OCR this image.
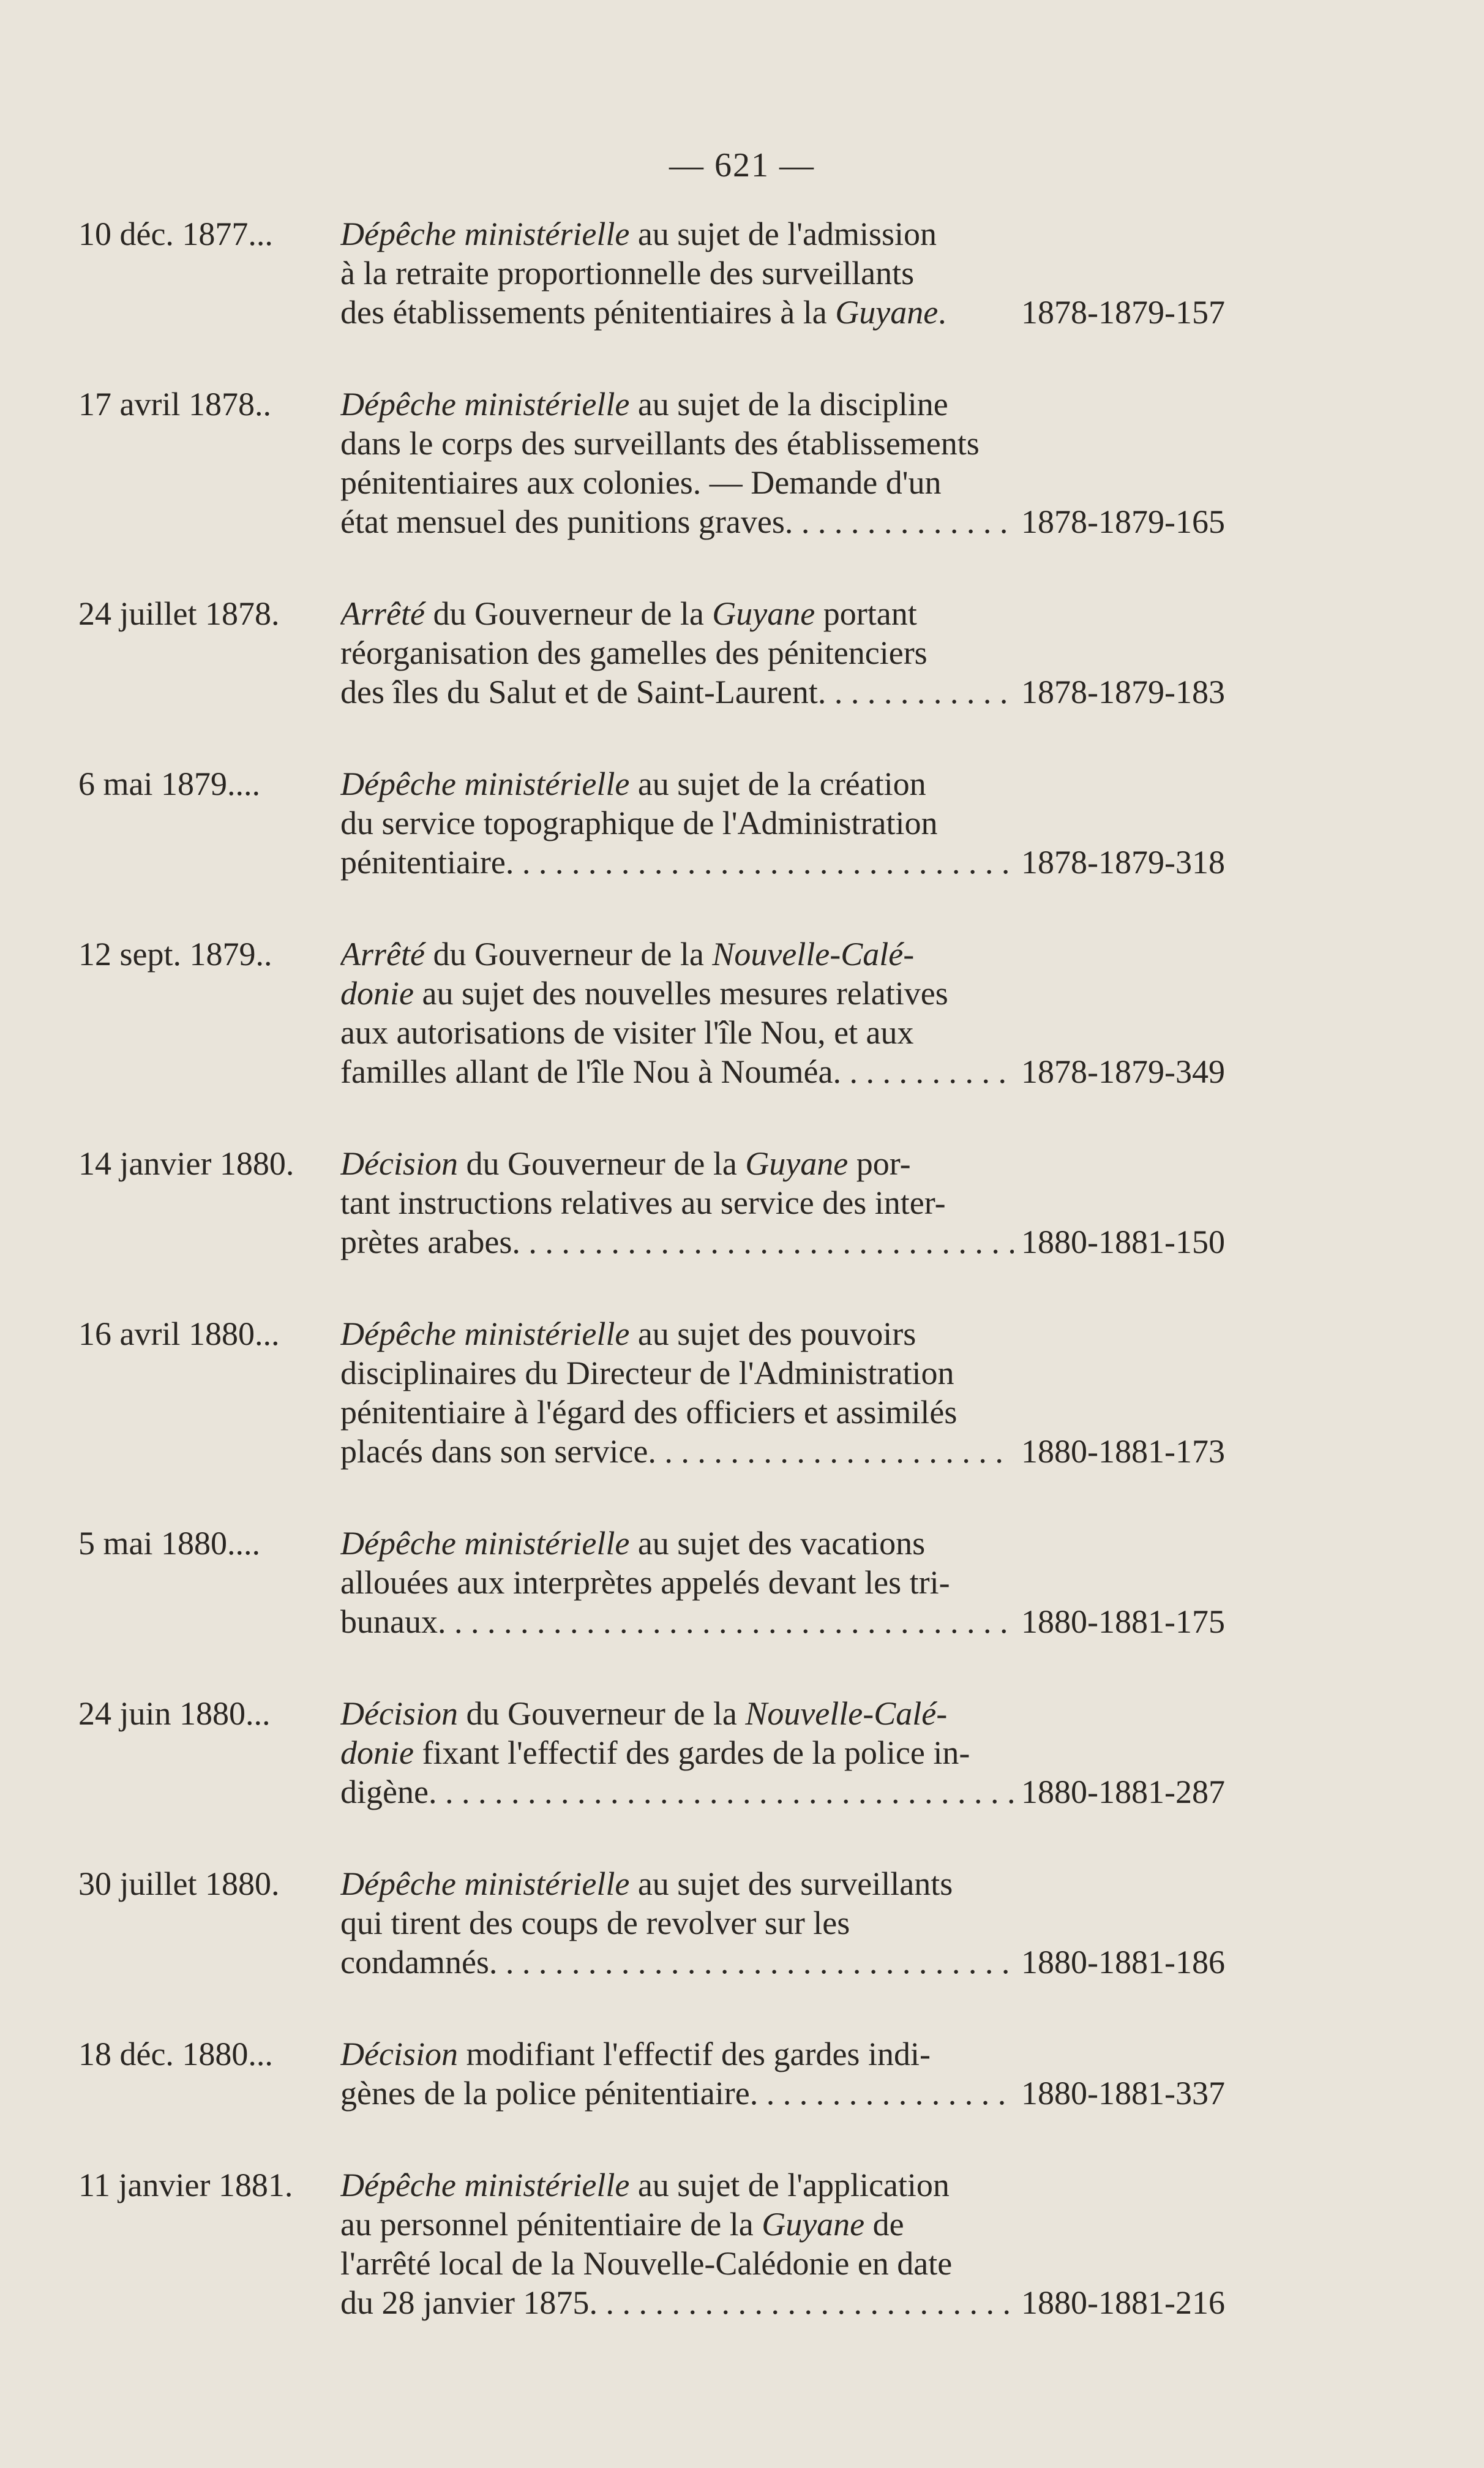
— 621 —
10 déc. 1877...	Dépêche ministérielle au sujet de l'admission
à la retraite proportionnelle des surveillants
des établissements pénitentiaires à la Guyane. 1878-1879-157
17 avril 1878..	Dépêche ministérielle au sujet de la discipline
dans le corps des surveillants des établissements
pénitentiaires aux colonies. — Demande d'un
état mensuel des punitions graves . . .	1878-1879-165
24 juillet 1878.	Arrêté du Gouverneur de la Guyane portant
réorganisation des gamelles des pénitenciers
des îles du Salut et de Saint-Laurent . . .	1878-1879-183
6 mai 1879....	Dépêche ministérielle au sujet de la création
du service topographique de l'Administration
pénitentiaire . . .	1878-1879-318
12 sept. 1879..	Arrêté du Gouverneur de la Nouvelle-Calé-
donie au sujet des nouvelles mesures relatives
aux autorisations de visiter l'île Nou, et aux
familles allant de l'île Nou à Nouméa . . .	1878-1879-349
14 janvier 1880.	Décision du Gouverneur de la Guyane por-
tant instructions relatives au service des inter-
prètes arabes . . .	1880-1881-150
16 avril 1880...	Dépêche ministérielle au sujet des pouvoirs
disciplinaires du Directeur de l'Administration
pénitentiaire à l'égard des officiers et assimilés
placés dans son service . . .	1880-1881-173
5 mai 1880....	Dépêche ministérielle au sujet des vacations
allouées aux interprètes appelés devant les tri-
bunaux . . .	1880-1881-175
24 juin 1880...	Décision du Gouverneur de la Nouvelle-Calé-
donie fixant l'effectif des gardes de la police in-
digène . . .	1880-1881-287
30 juillet 1880.	Dépêche ministérielle au sujet des surveillants
qui tirent des coups de revolver sur les
condamnés . . .	1880-1881-186
18 déc. 1880...	Décision modifiant l'effectif des gardes indi-
gènes de la police pénitentiaire . . .	1880-1881-337
11 janvier 1881.	Dépêche ministérielle au sujet de l'application
au personnel pénitentiaire de la Guyane de
l'arrêté local de la Nouvelle-Calédonie en date
du 28 janvier 1875 . . .	1880-1881-216
